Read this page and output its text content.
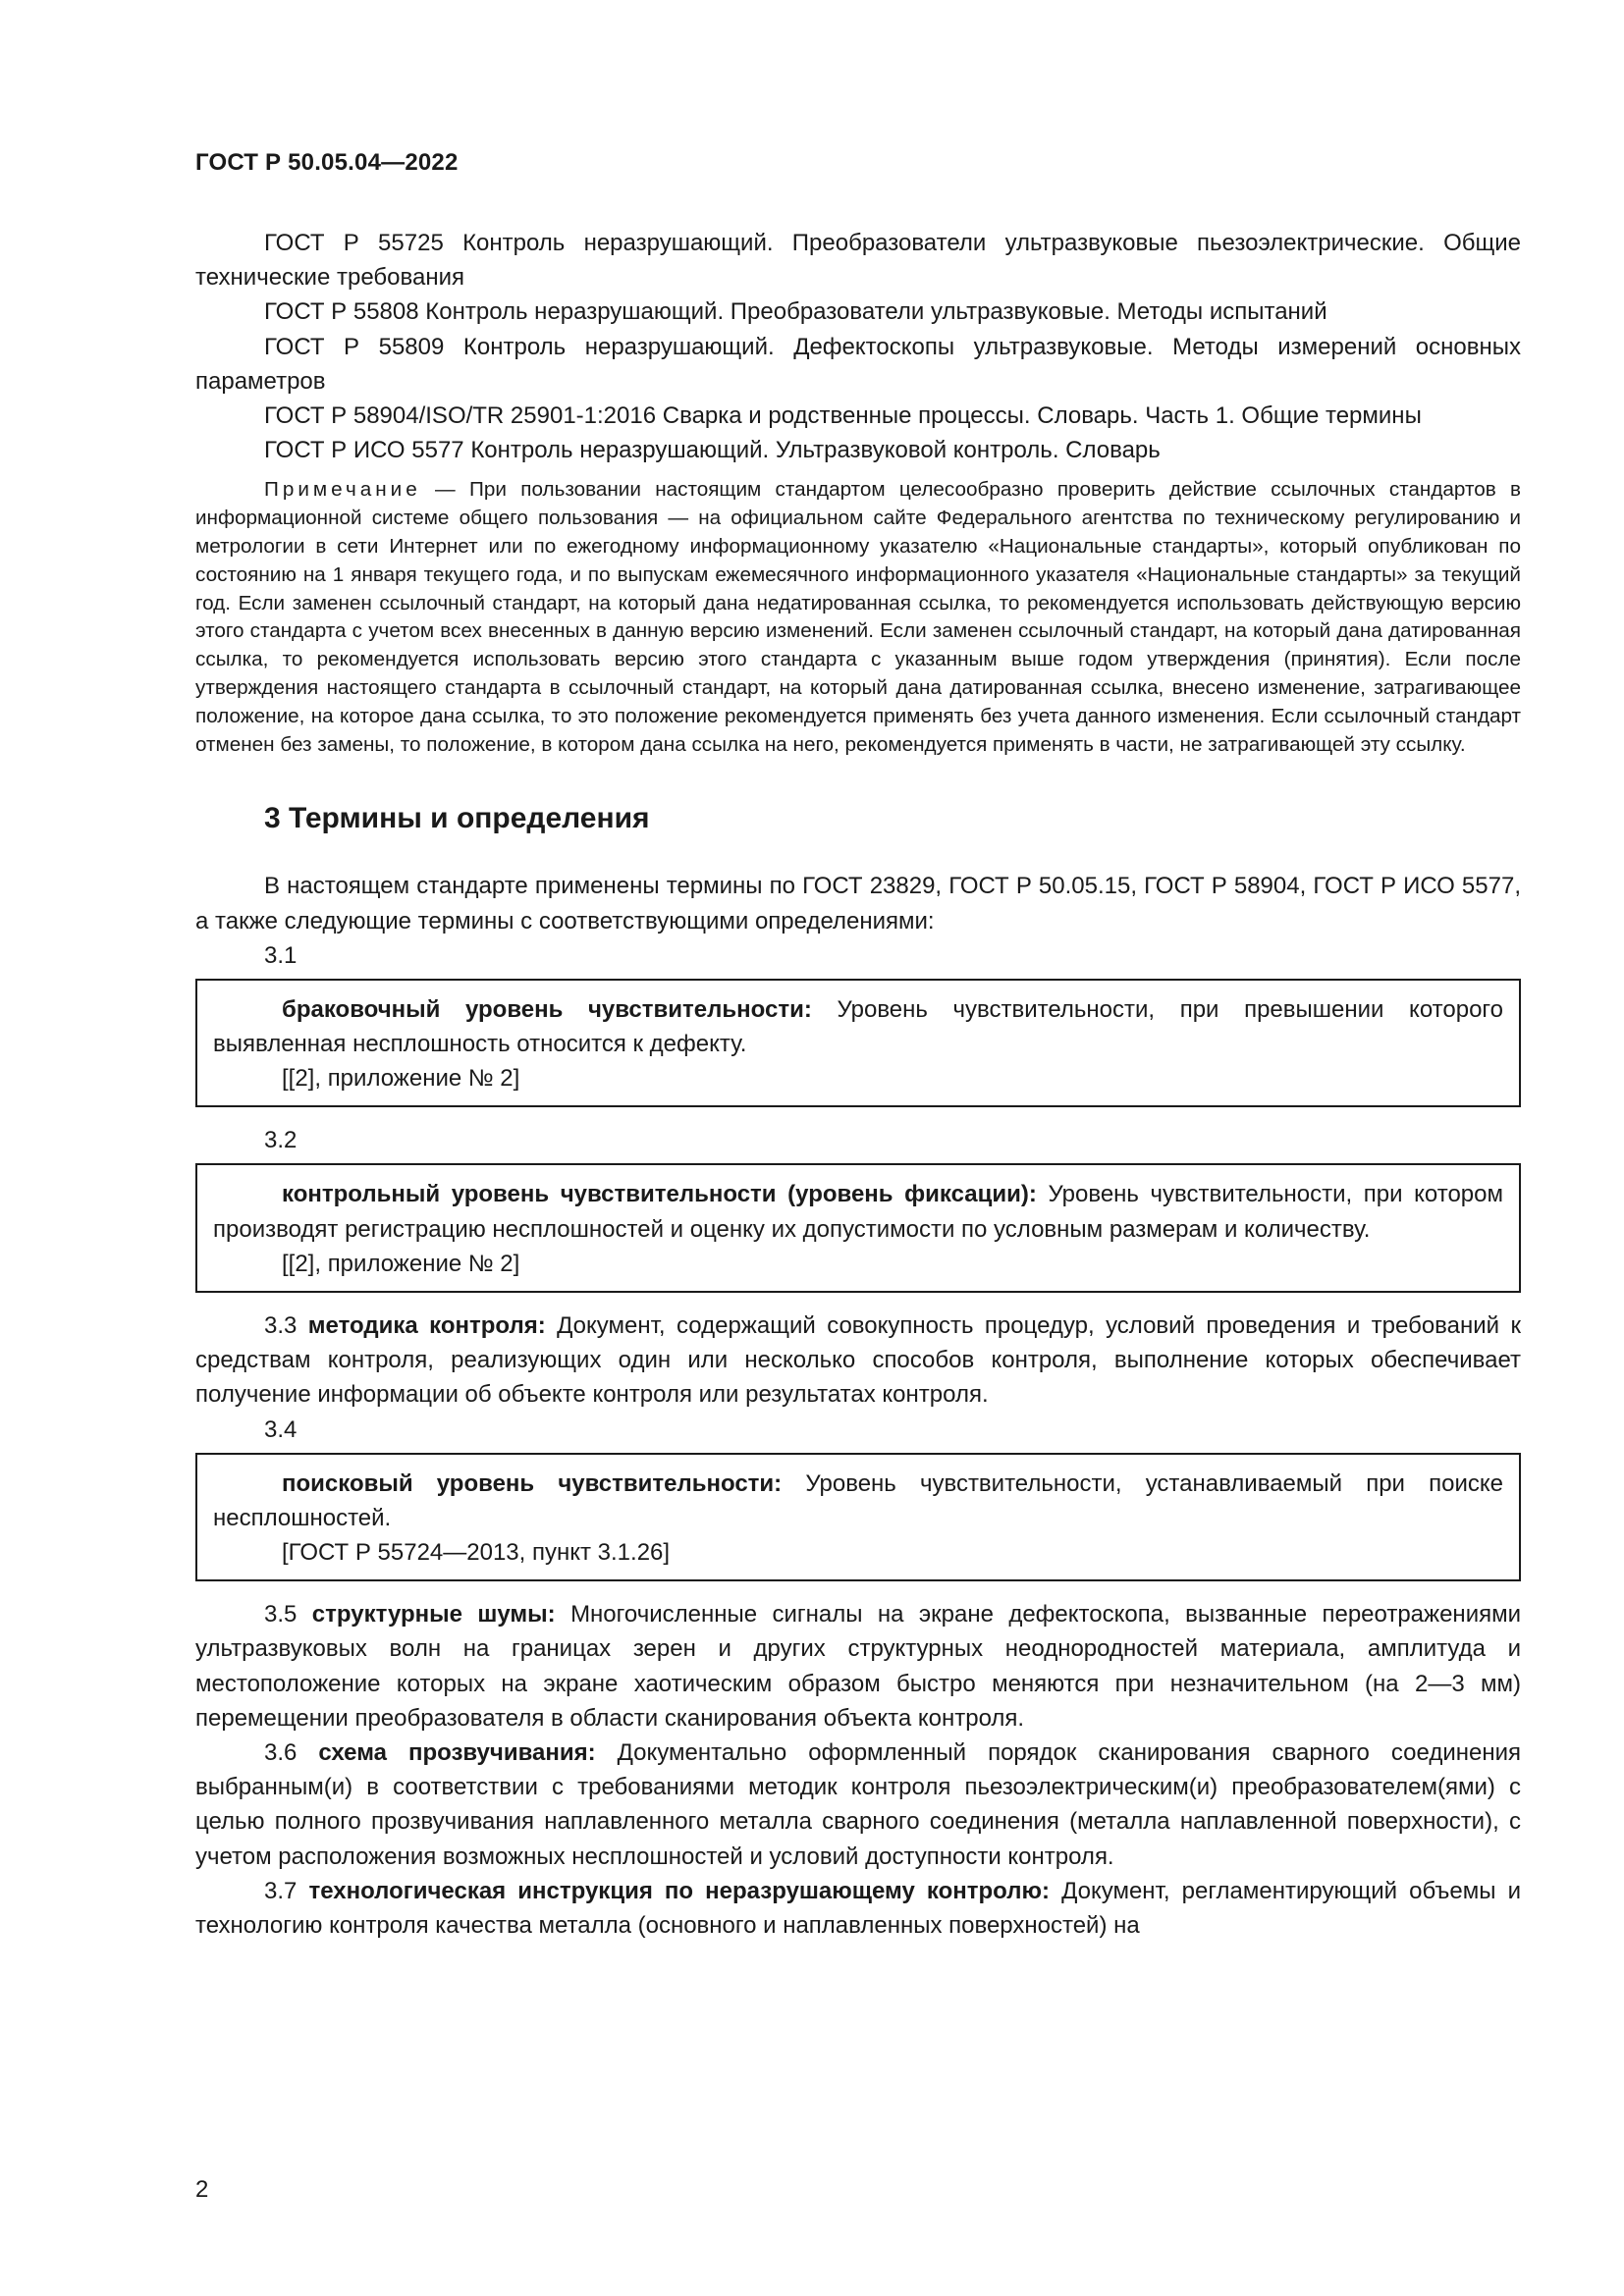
ГОСТ Р 50.05.04—2022

ГОСТ Р 55725 Контроль неразрушающий. Преобразователи ультразвуковые пьезоэлектрические. Общие технические требования

ГОСТ Р 55808 Контроль неразрушающий. Преобразователи ультразвуковые. Методы испытаний

ГОСТ Р 55809 Контроль неразрушающий. Дефектоскопы ультразвуковые. Методы измерений основных параметров

ГОСТ Р 58904/ISO/TR 25901-1:2016 Сварка и родственные процессы. Словарь. Часть 1. Общие термины

ГОСТ Р ИСО 5577 Контроль неразрушающий. Ультразвуковой контроль. Словарь

Примечание — При пользовании настоящим стандартом целесообразно проверить действие ссылочных стандартов в информационной системе общего пользования — на официальном сайте Федерального агентства по техническому регулированию и метрологии в сети Интернет или по ежегодному информационному указателю «Национальные стандарты», который опубликован по состоянию на 1 января текущего года, и по выпускам ежемесячного информационного указателя «Национальные стандарты» за текущий год. Если заменен ссылочный стандарт, на который дана недатированная ссылка, то рекомендуется использовать действующую версию этого стандарта с учетом всех внесенных в данную версию изменений. Если заменен ссылочный стандарт, на который дана датированная ссылка, то рекомендуется использовать версию этого стандарта с указанным выше годом утверждения (принятия). Если после утверждения настоящего стандарта в ссылочный стандарт, на который дана датированная ссылка, внесено изменение, затрагивающее положение, на которое дана ссылка, то это положение рекомендуется применять без учета данного изменения. Если ссылочный стандарт отменен без замены, то положение, в котором дана ссылка на него, рекомендуется применять в части, не затрагивающей эту ссылку.

3 Термины и определения

В настоящем стандарте применены термины по ГОСТ 23829, ГОСТ Р 50.05.15, ГОСТ Р 58904, ГОСТ Р ИСО 5577, а также следующие термины с соответствующими определениями:

3.1

браковочный уровень чувствительности: Уровень чувствительности, при превышении которого выявленная несплошность относится к дефекту.

[[2], приложение № 2]
3.2

контрольный уровень чувствительности (уровень фиксации): Уровень чувствительности, при котором производят регистрацию несплошностей и оценку их допустимости по условным размерам и количеству.

[[2], приложение № 2]

3.3 методика контроля: Документ, содержащий совокупность процедур, условий проведения и требований к средствам контроля, реализующих один или несколько способов контроля, выполнение которых обеспечивает получение информации об объекте контроля или результатах контроля.

3.4

поисковый уровень чувствительности: Уровень чувствительности, устанавливаемый при поиске несплошностей.

[ГОСТ Р 55724—2013, пункт 3.1.26]

3.5 структурные шумы: Многочисленные сигналы на экране дефектоскопа, вызванные переотражениями ультразвуковых волн на границах зерен и других структурных неоднородностей материала, амплитуда и местоположение которых на экране хаотическим образом быстро меняются при незначительном (на 2—3 мм) перемещении преобразователя в области сканирования объекта контроля.

3.6 схема прозвучивания: Документально оформленный порядок сканирования сварного соединения выбранным(и) в соответствии с требованиями методик контроля пьезоэлектрическим(и) преобразователем(ями) с целью полного прозвучивания наплавленного металла сварного соединения (металла наплавленной поверхности), с учетом расположения возможных несплошностей и условий доступности контроля.

3.7 технологическая инструкция по неразрушающему контролю: Документ, регламентирующий объемы и технологию контроля качества металла (основного и наплавленных поверхностей) на

2
